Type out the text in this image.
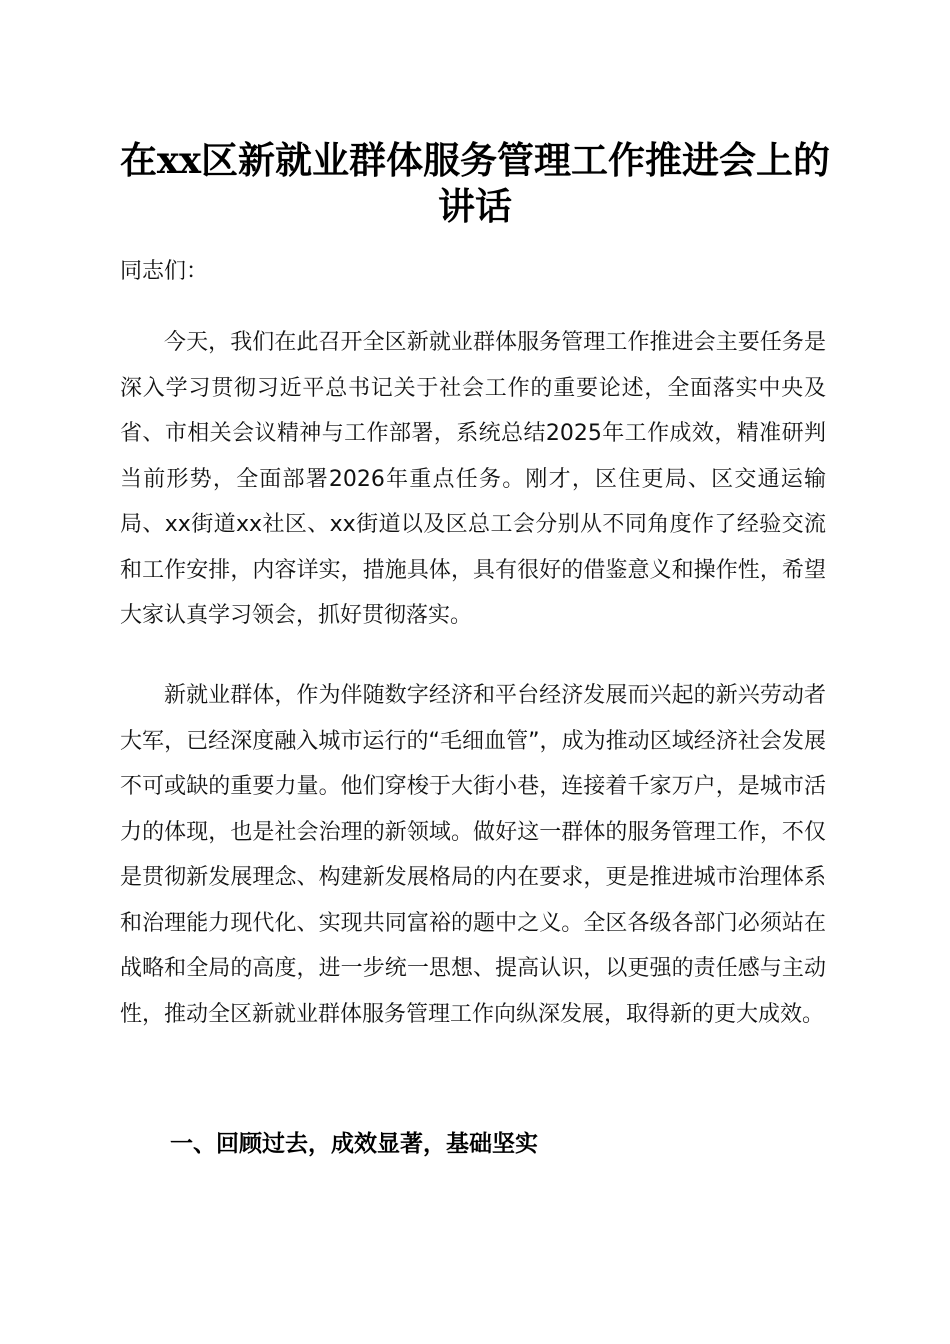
在xx区新就业群体服务管理工作推进会上的
讲话
同志们：

今天，我们在此召开全区新就业群体服务管理工作推进会主要任务是深入学习贯彻习近平总书记关于社会工作的重要论述，全面落实中央及省、市相关会议精神与工作部署，系统总结2025年工作成效，精准研判当前形势，全面部署2026年重点任务。刚才，区住更局、区交通运输局、xx街道xx社区、xx街道以及区总工会分别从不同角度作了经验交流和工作安排，内容详实，措施具体，具有很好的借鉴意义和操作性，希望大家认真学习领会，抓好贯彻落实。

新就业群体，作为伴随数字经济和平台经济发展而兴起的新兴劳动者大军，已经深度融入城市运行的“毛细血管”，成为推动区域经济社会发展不可或缺的重要力量。他们穿梭于大街小巷，连接着千家万户，是城市活力的体现，也是社会治理的新领域。做好这一群体的服务管理工作，不仅是贯彻新发展理念、构建新发展格局的内在要求，更是推进城市治理体系和治理能力现代化、实现共同富裕的题中之义。全区各级各部门必须站在战略和全局的高度，进一步统一思想、提高认识，以更强的责任感与主动性，推动全区新就业群体服务管理工作向纵深发展，取得新的更大成效。

一、回顾过去，成效显著，基础坚实
